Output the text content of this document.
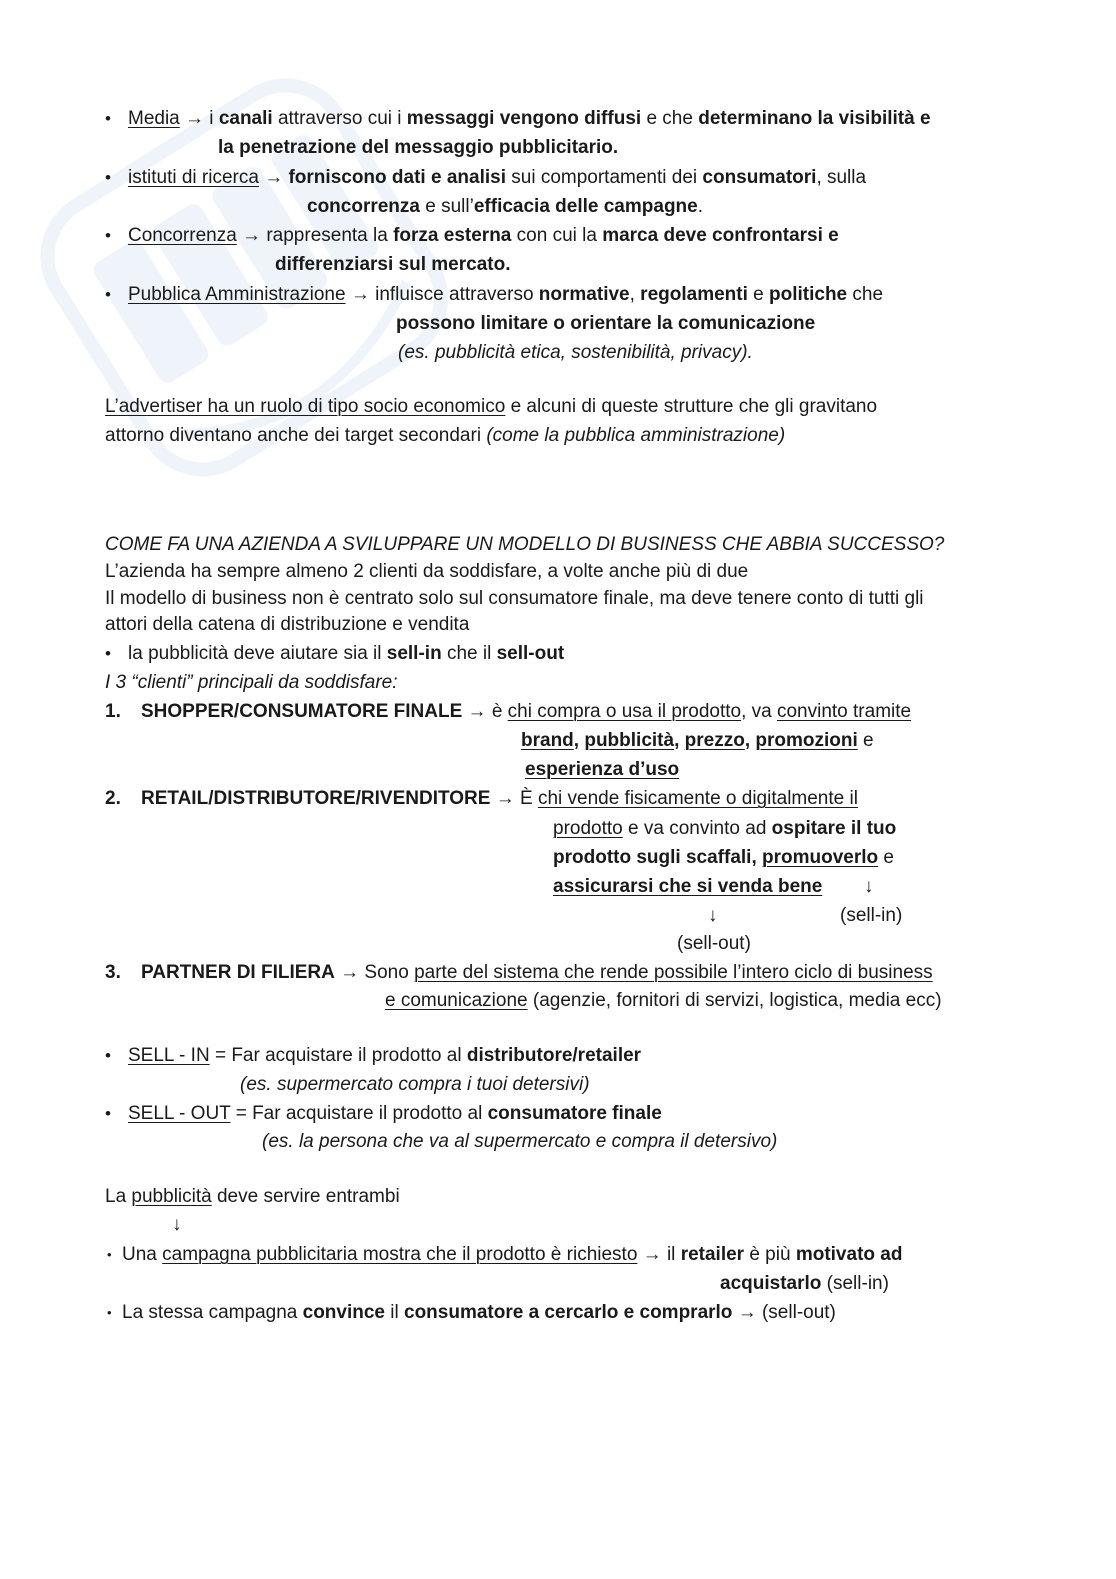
• Media → i canali attraverso cui i messaggi vengono diffusi e che determinano la visibilità e
la penetrazione del messaggio pubblicitario.
• istituti di ricerca → forniscono dati e analisi sui comportamenti dei consumatori, sulla
concorrenza e sull’efficacia delle campagne.
• Concorrenza → rappresenta la forza esterna con cui la marca deve confrontarsi e
differenziarsi sul mercato.
• Pubblica Amministrazione → influisce attraverso normative, regolamenti e politiche che
possono limitare o orientare la comunicazione
(es. pubblicità etica, sostenibilità, privacy).
L’advertiser ha un ruolo di tipo socio economico e alcuni di queste strutture che gli gravitano
attorno diventano anche dei target secondari (come la pubblica amministrazione)
COME FA UNA AZIENDA A SVILUPPARE UN MODELLO DI BUSINESS CHE ABBIA SUCCESSO?
L’azienda ha sempre almeno 2 clienti da soddisfare, a volte anche più di due
Il modello di business non è centrato solo sul consumatore finale, ma deve tenere conto di tutti gli
attori della catena di distribuzione e vendita
• la pubblicità deve aiutare sia il sell-in che il sell-out
I 3 “clienti” principali da soddisfare:
1. SHOPPER/CONSUMATORE FINALE → è chi compra o usa il prodotto, va convinto tramite
brand, pubblicità, prezzo, promozioni e
esperienza d’uso
2. RETAIL/DISTRIBUTORE/RIVENDITORE → È chi vende fisicamente o digitalmente il
prodotto e va convinto ad ospitare il tuo
prodotto sugli scaffali, promuoverlo e
assicurarsi che si venda bene ↓
↓	(sell-in)
(sell-out)
3. PARTNER DI FILIERA → Sono parte del sistema che rende possibile l’intero ciclo di business
e comunicazione (agenzie, fornitori di servizi, logistica, media ecc)
• SELL - IN = Far acquistare il prodotto al distributore/retailer
(es. supermercato compra i tuoi detersivi)
• SELL - OUT = Far acquistare il prodotto al consumatore finale
(es. la persona che va al supermercato e compra il detersivo)
La pubblicità deve servire entrambi
↓
• Una campagna pubblicitaria mostra che il prodotto è richiesto → il retailer è più motivato ad
acquistarlo (sell-in)
• La stessa campagna convince il consumatore a cercarlo e comprarlo → (sell-out)
